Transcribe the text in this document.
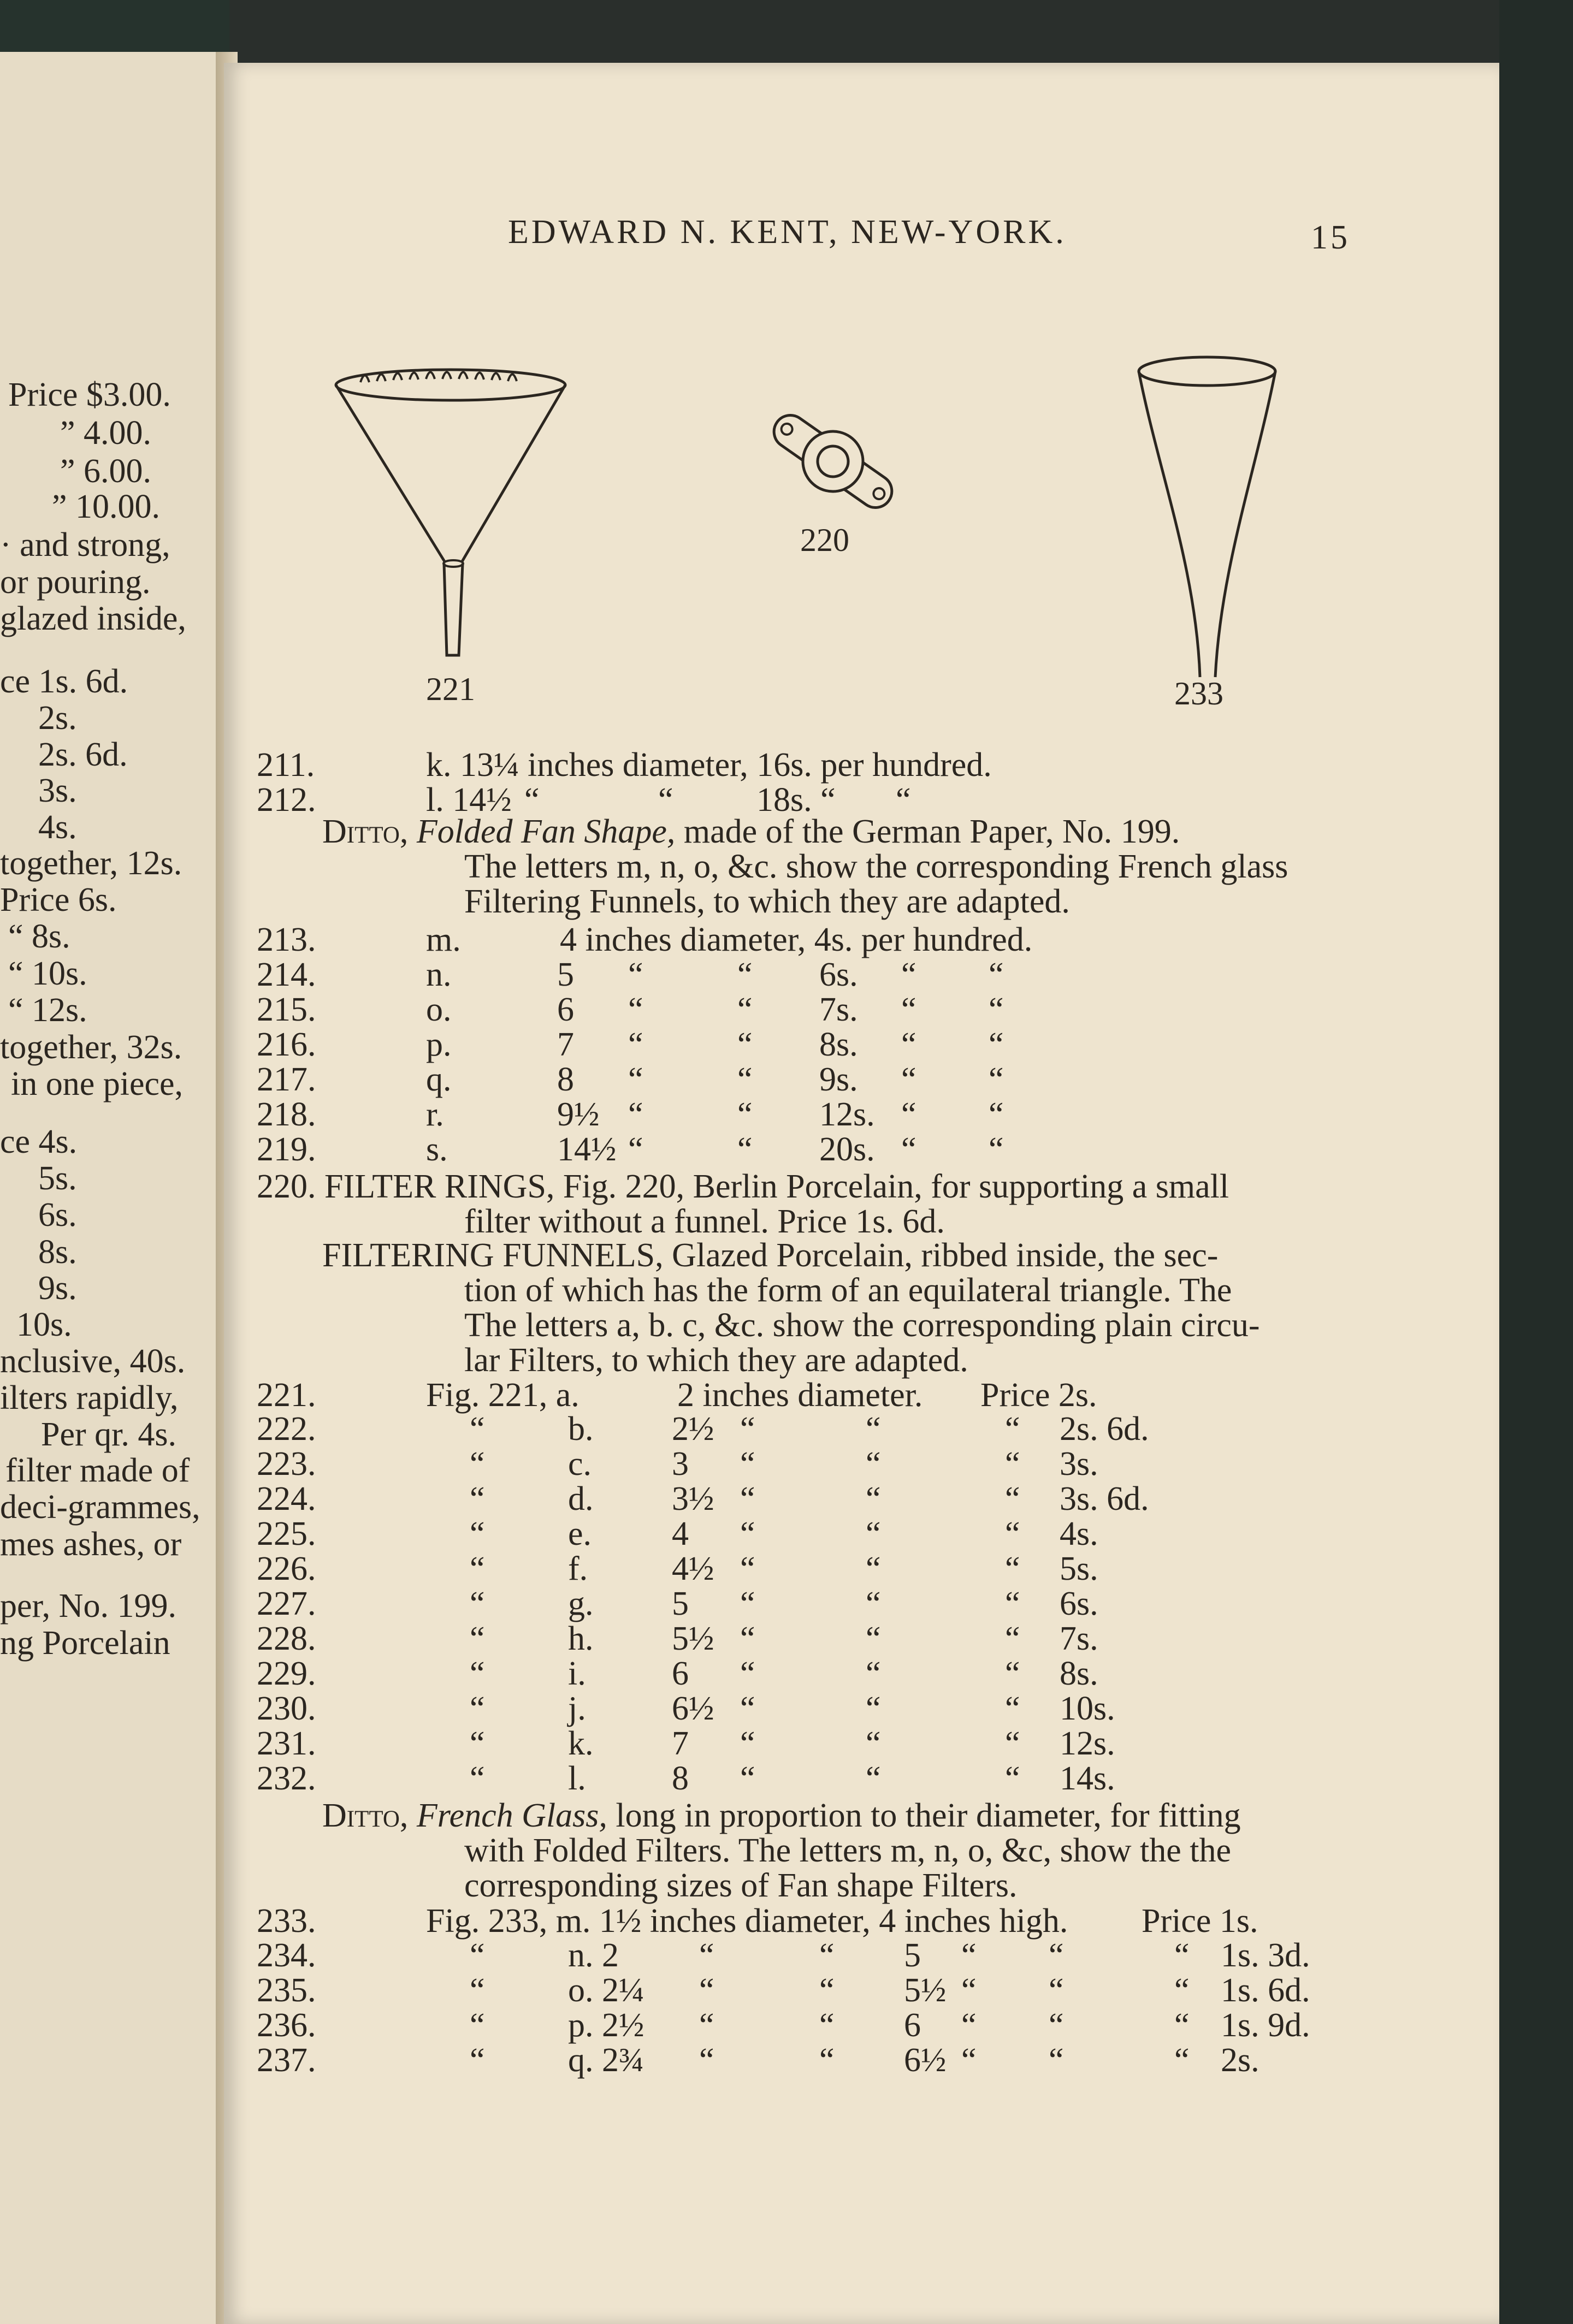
Price $3.00.
” 4.00.
” 6.00.
” 10.00.
· and strong,
or pouring.
glazed inside,
ce 1s. 6d.
2s.
2s. 6d.
3s.
4s.
together, 12s.
Price 6s.
“ 8s.
“ 10s.
“ 12s.
together, 32s.
in one piece,
ce 4s.
5s.
6s.
8s.
9s.
10s.
nclusive, 40s.
ilters rapidly,
Per qr. 4s.
filter made of
deci-grammes,
mes ashes, or
per, No. 199.
ng Porcelain
EDWARD N. KENT, NEW-YORK.	15
221
220
233
211.	k. 13¼ inches diameter, 16s. per hundred.
212.	l. 14½ “	“ 18s. “ “
Ditto, Folded Fan Shape, made of the German Paper, No. 199.
The letters m, n, o, &c. show the corresponding French glass
Filtering Funnels, to which they are adapted.
213.	m.	4 inches diameter, 4s. per hundred.
214.	n.	5 “	“ 6s. “ “
215.	o.	6 “	“ 7s. “ “
216.	p.	7 “	“ 8s. “ “
217.	q.	8 “	“ 9s. “ “
218.	r.	9½ “	“ 12s. “ “
219.	s.	14½ “	“ 20s. “ “
220. FILTER RINGS, Fig. 220, Berlin Porcelain, for supporting a small
filter without a funnel. Price 1s. 6d.
FILTERING FUNNELS, Glazed Porcelain, ribbed inside, the sec-
tion of which has the form of an equilateral triangle. The
The letters a, b. c, &c. show the corresponding plain circu-
lar Filters, to which they are adapted.
221.	Fig. 221, a.	2 inches diameter. Price 2s.
222.	“ b. 2½ “	“	“ 2s. 6d.
223.	“ c. 3 “	“	“ 3s.
224.	“ d. 3½ “	“	“ 3s. 6d.
225.	“ e. 4 “	“	“ 4s.
226.	“ f. 4½ “	“	“ 5s.
227.	“ g. 5 “	“	“ 6s.
228.	“ h. 5½ “	“	“ 7s.
229.	“ i.	6 “	“	“ 8s.
230.	“ j.	6½ “	“	“ 10s.
231.	“ k. 7 “	“	“ 12s.
232.	“ l.	8 “	“	“ 14s.
Ditto, French Glass, long in proportion to their diameter, for fitting
with Folded Filters. The letters m, n, o, &c, show the the
corresponding sizes of Fan shape Filters.
233.	Fig. 233, m. 1½ inches diameter, 4 inches high. Price 1s.
234.	“ n. 2 “	“ 5 “ “	“ 1s. 3d.
235.	“ o. 2¼ “	“ 5½ “ “	“ 1s. 6d.
236.	“ p. 2½ “	“ 6 “ “	“ 1s. 9d.
237.	“ q. 2¾ “	“ 6½ “ “	“ 2s.
